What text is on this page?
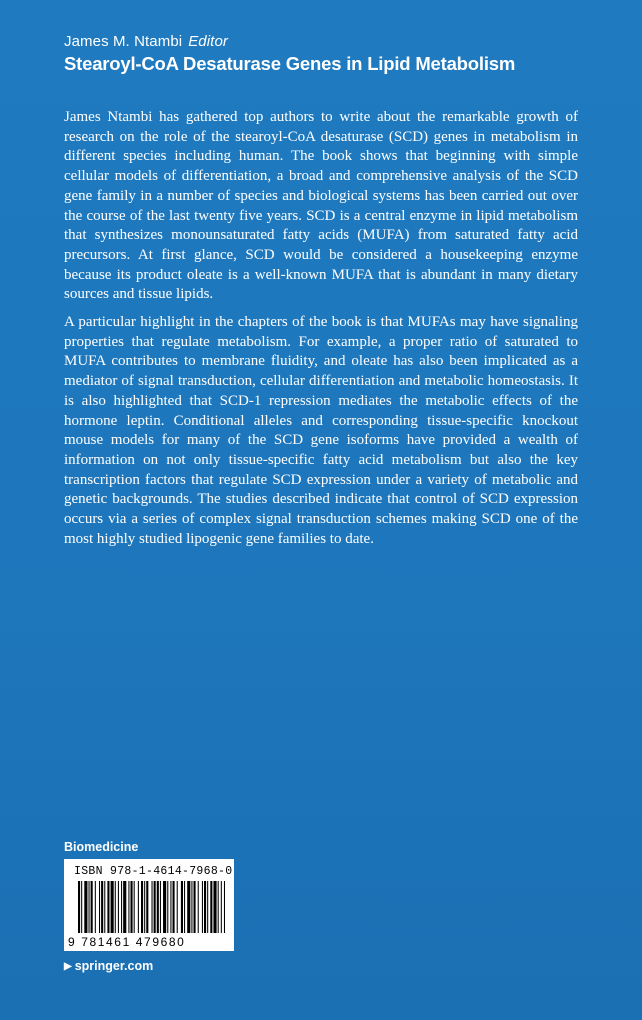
James M. Ntambi Editor
Stearoyl-CoA Desaturase Genes in Lipid Metabolism

James Ntambi has gathered top authors to write about the remarkable growth of research on the role of the stearoyl-CoA desaturase (SCD) genes in metabolism in different species including human. The book shows that beginning with simple cellular models of differentiation, a broad and comprehensive analysis of the SCD gene family in a number of species and biological systems has been carried out over the course of the last twenty five years. SCD is a central enzyme in lipid metabolism that synthesizes monounsaturated fatty acids (MUFA) from saturated fatty acid precursors. At first glance, SCD would be considered a housekeeping enzyme because its product oleate is a well-known MUFA that is abundant in many dietary sources and tissue lipids.

A particular highlight in the chapters of the book is that MUFAs may have signaling properties that regulate metabolism. For example, a proper ratio of saturated to MUFA contributes to membrane fluidity, and oleate has also been implicated as a mediator of signal transduction, cellular differentiation and metabolic homeostasis. It is also highlighted that SCD-1 repression mediates the metabolic effects of the hormone leptin. Conditional alleles and corresponding tissue-specific knockout mouse models for many of the SCD gene isoforms have provided a wealth of information on not only tissue-specific fatty acid metabolism but also the key transcription factors that regulate SCD expression under a variety of metabolic and genetic backgrounds. The studies described indicate that control of SCD expression occurs via a series of complex signal transduction schemes making SCD one of the most highly studied lipogenic gene families to date.

Biomedicine
ISBN 978-1-4614-7968-0
9 781461 479680
▶ springer.com
